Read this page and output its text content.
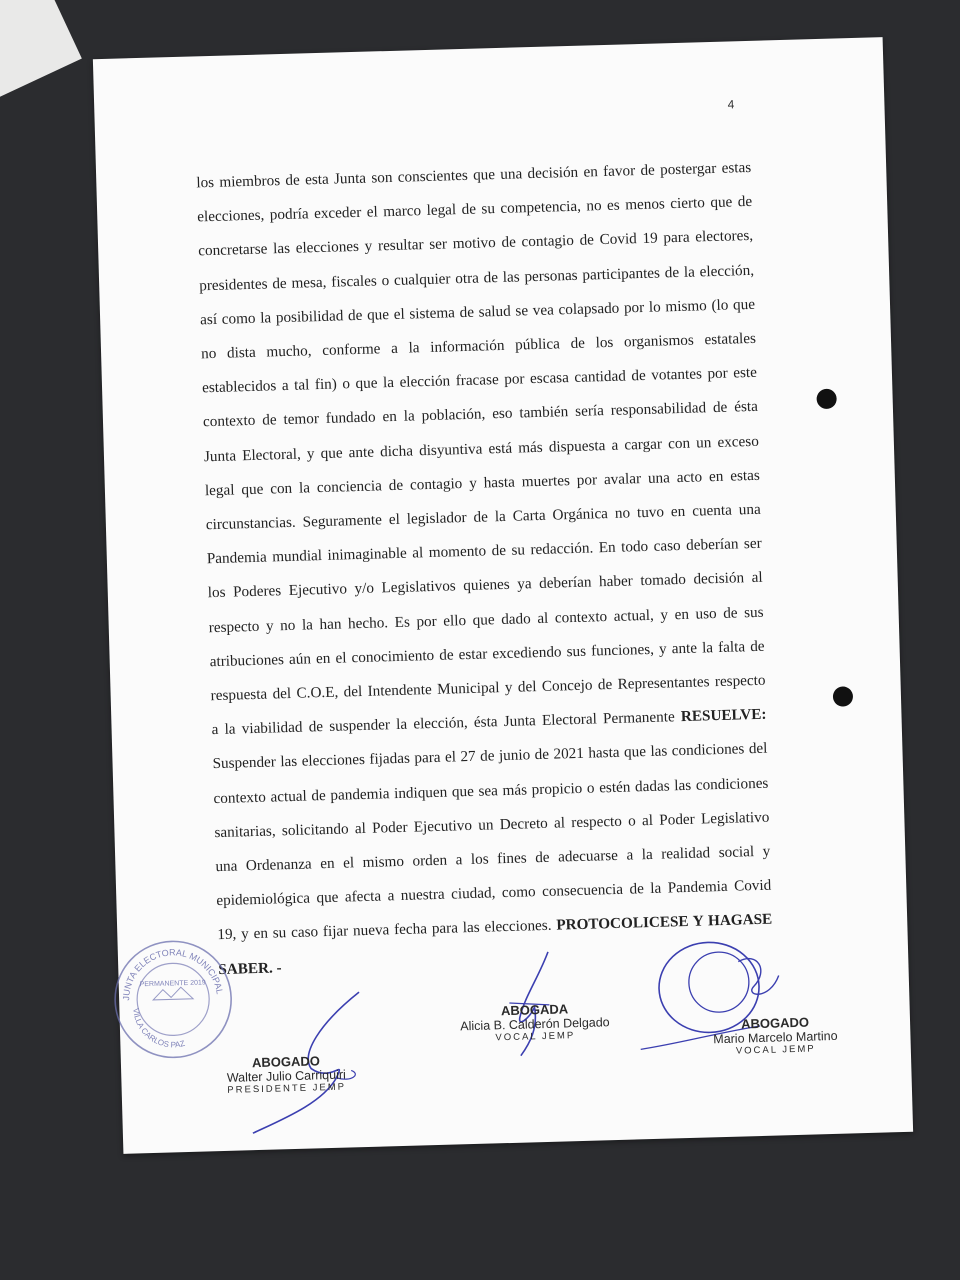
4
los miembros de esta Junta son conscientes que una decisión en favor de postergar estas
elecciones, podría exceder el marco legal de su competencia, no es menos cierto que de
concretarse las elecciones y resultar ser motivo de contagio de Covid 19 para electores,
presidentes de mesa, fiscales o cualquier otra de las personas participantes de la elección,
así como la posibilidad de que el sistema de salud se vea colapsado por lo mismo (lo que
no dista mucho, conforme a la información pública de los organismos estatales
establecidos a tal fin) o que la elección fracase por escasa cantidad de votantes por este
contexto de temor fundado en la población, eso también sería responsabilidad de ésta
Junta Electoral, y que ante dicha disyuntiva está más dispuesta a cargar con un exceso
legal que con la conciencia de contagio y hasta muertes por avalar una acto en estas
circunstancias. Seguramente el legislador de la Carta Orgánica no tuvo en cuenta una
Pandemia mundial inimaginable al momento de su redacción. En todo caso deberían ser
los Poderes Ejecutivo y/o Legislativos quienes ya deberían haber tomado decisión al
respecto y no la han hecho. Es por ello que dado al contexto actual, y en uso de sus
atribuciones aún en el conocimiento de estar excediendo sus funciones, y ante la falta de
respuesta del C.O.E, del Intendente Municipal y del Concejo de Representantes respecto
a la viabilidad de suspender la elección, ésta Junta Electoral Permanente RESUELVE:
Suspender las elecciones fijadas para el 27 de junio de 2021 hasta que las condiciones del
contexto actual de pandemia indiquen que sea más propicio o estén dadas las condiciones
sanitarias, solicitando al Poder Ejecutivo un Decreto al respecto o al Poder Legislativo
una Ordenanza en el mismo orden a los fines de adecuarse a la realidad social y
epidemiológica que afecta a nuestra ciudad, como consecuencia de la Pandemia Covid
19, y en su caso fijar nueva fecha para las elecciones. PROTOCOLICESE Y HAGASE
SABER. -
JUNTA ELECTORAL MUNICIPAL
VILLA CARLOS PAZ
PERMANENTE 2019
ABOGADO
Walter Julio Carriquiri
PRESIDENTE JEMP
ABOGADA
Alicia B. Calderón Delgado
VOCAL JEMP
ABOGADO
Mario Marcelo Martino
VOCAL JEMP
